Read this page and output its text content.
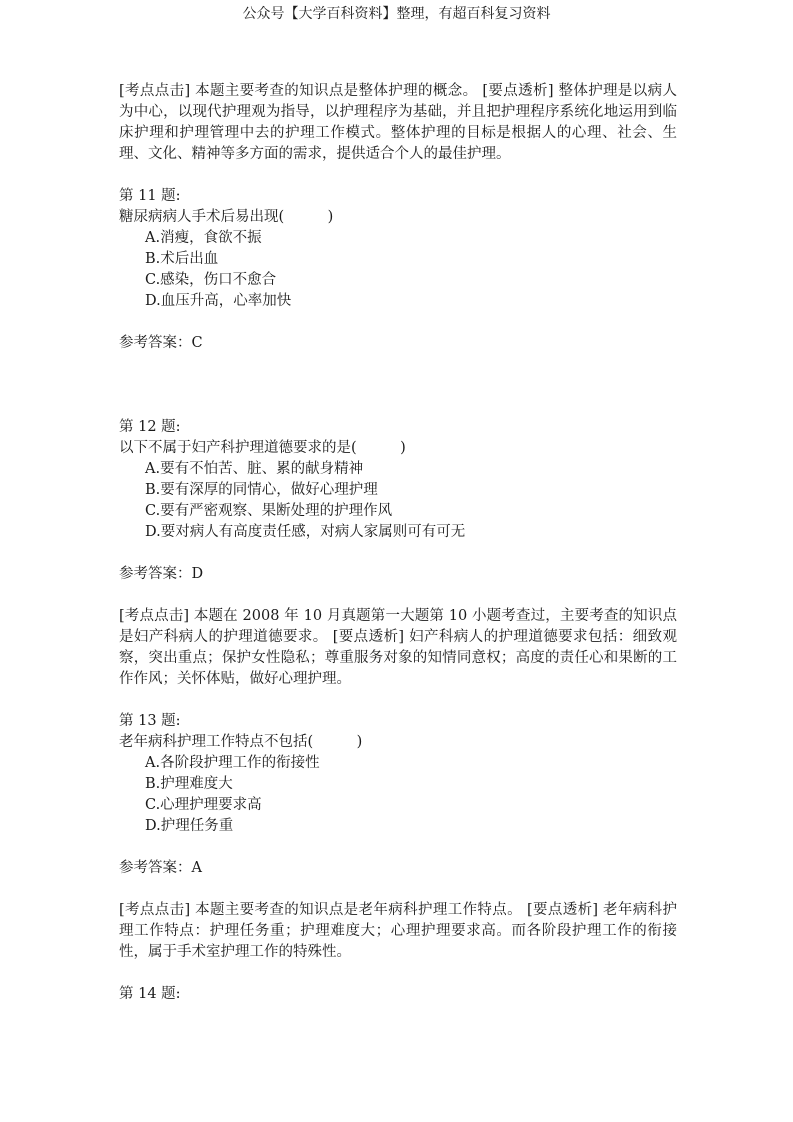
公众号【大学百科资料】整理，有超百科复习资料
[考点点击] 本题主要考查的知识点是整体护理的概念。 [要点透析] 整体护理是以病人为中心，以现代护理观为指导，以护理程序为基础，并且把护理程序系统化地运用到临床护理和护理管理中去的护理工作模式。整体护理的目标是根据人的心理、社会、生理、文化、精神等多方面的需求，提供适合个人的最佳护理。
第 11 题:
糖尿病病人手术后易出现(　　　)
A.消瘦，食欲不振
B.术后出血
C.感染，伤口不愈合
D.血压升高，心率加快
参考答案：C
第 12 题:
以下不属于妇产科护理道德要求的是(　　　)
A.要有不怕苦、脏、累的献身精神
B.要有深厚的同情心，做好心理护理
C.要有严密观察、果断处理的护理作风
D.要对病人有高度责任感，对病人家属则可有可无
参考答案：D
[考点点击] 本题在 2008 年 10 月真题第一大题第 10 小题考查过，主要考查的知识点是妇产科病人的护理道德要求。 [要点透析] 妇产科病人的护理道德要求包括：细致观察，突出重点；保护女性隐私；尊重服务对象的知情同意权；高度的责任心和果断的工作作风；关怀体贴，做好心理护理。
第 13 题:
老年病科护理工作特点不包括(　　　)
A.各阶段护理工作的衔接性
B.护理难度大
C.心理护理要求高
D.护理任务重
参考答案：A
[考点点击] 本题主要考查的知识点是老年病科护理工作特点。 [要点透析] 老年病科护理工作特点：护理任务重；护理难度大；心理护理要求高。而各阶段护理工作的衔接性，属于手术室护理工作的特殊性。
第 14 题:
